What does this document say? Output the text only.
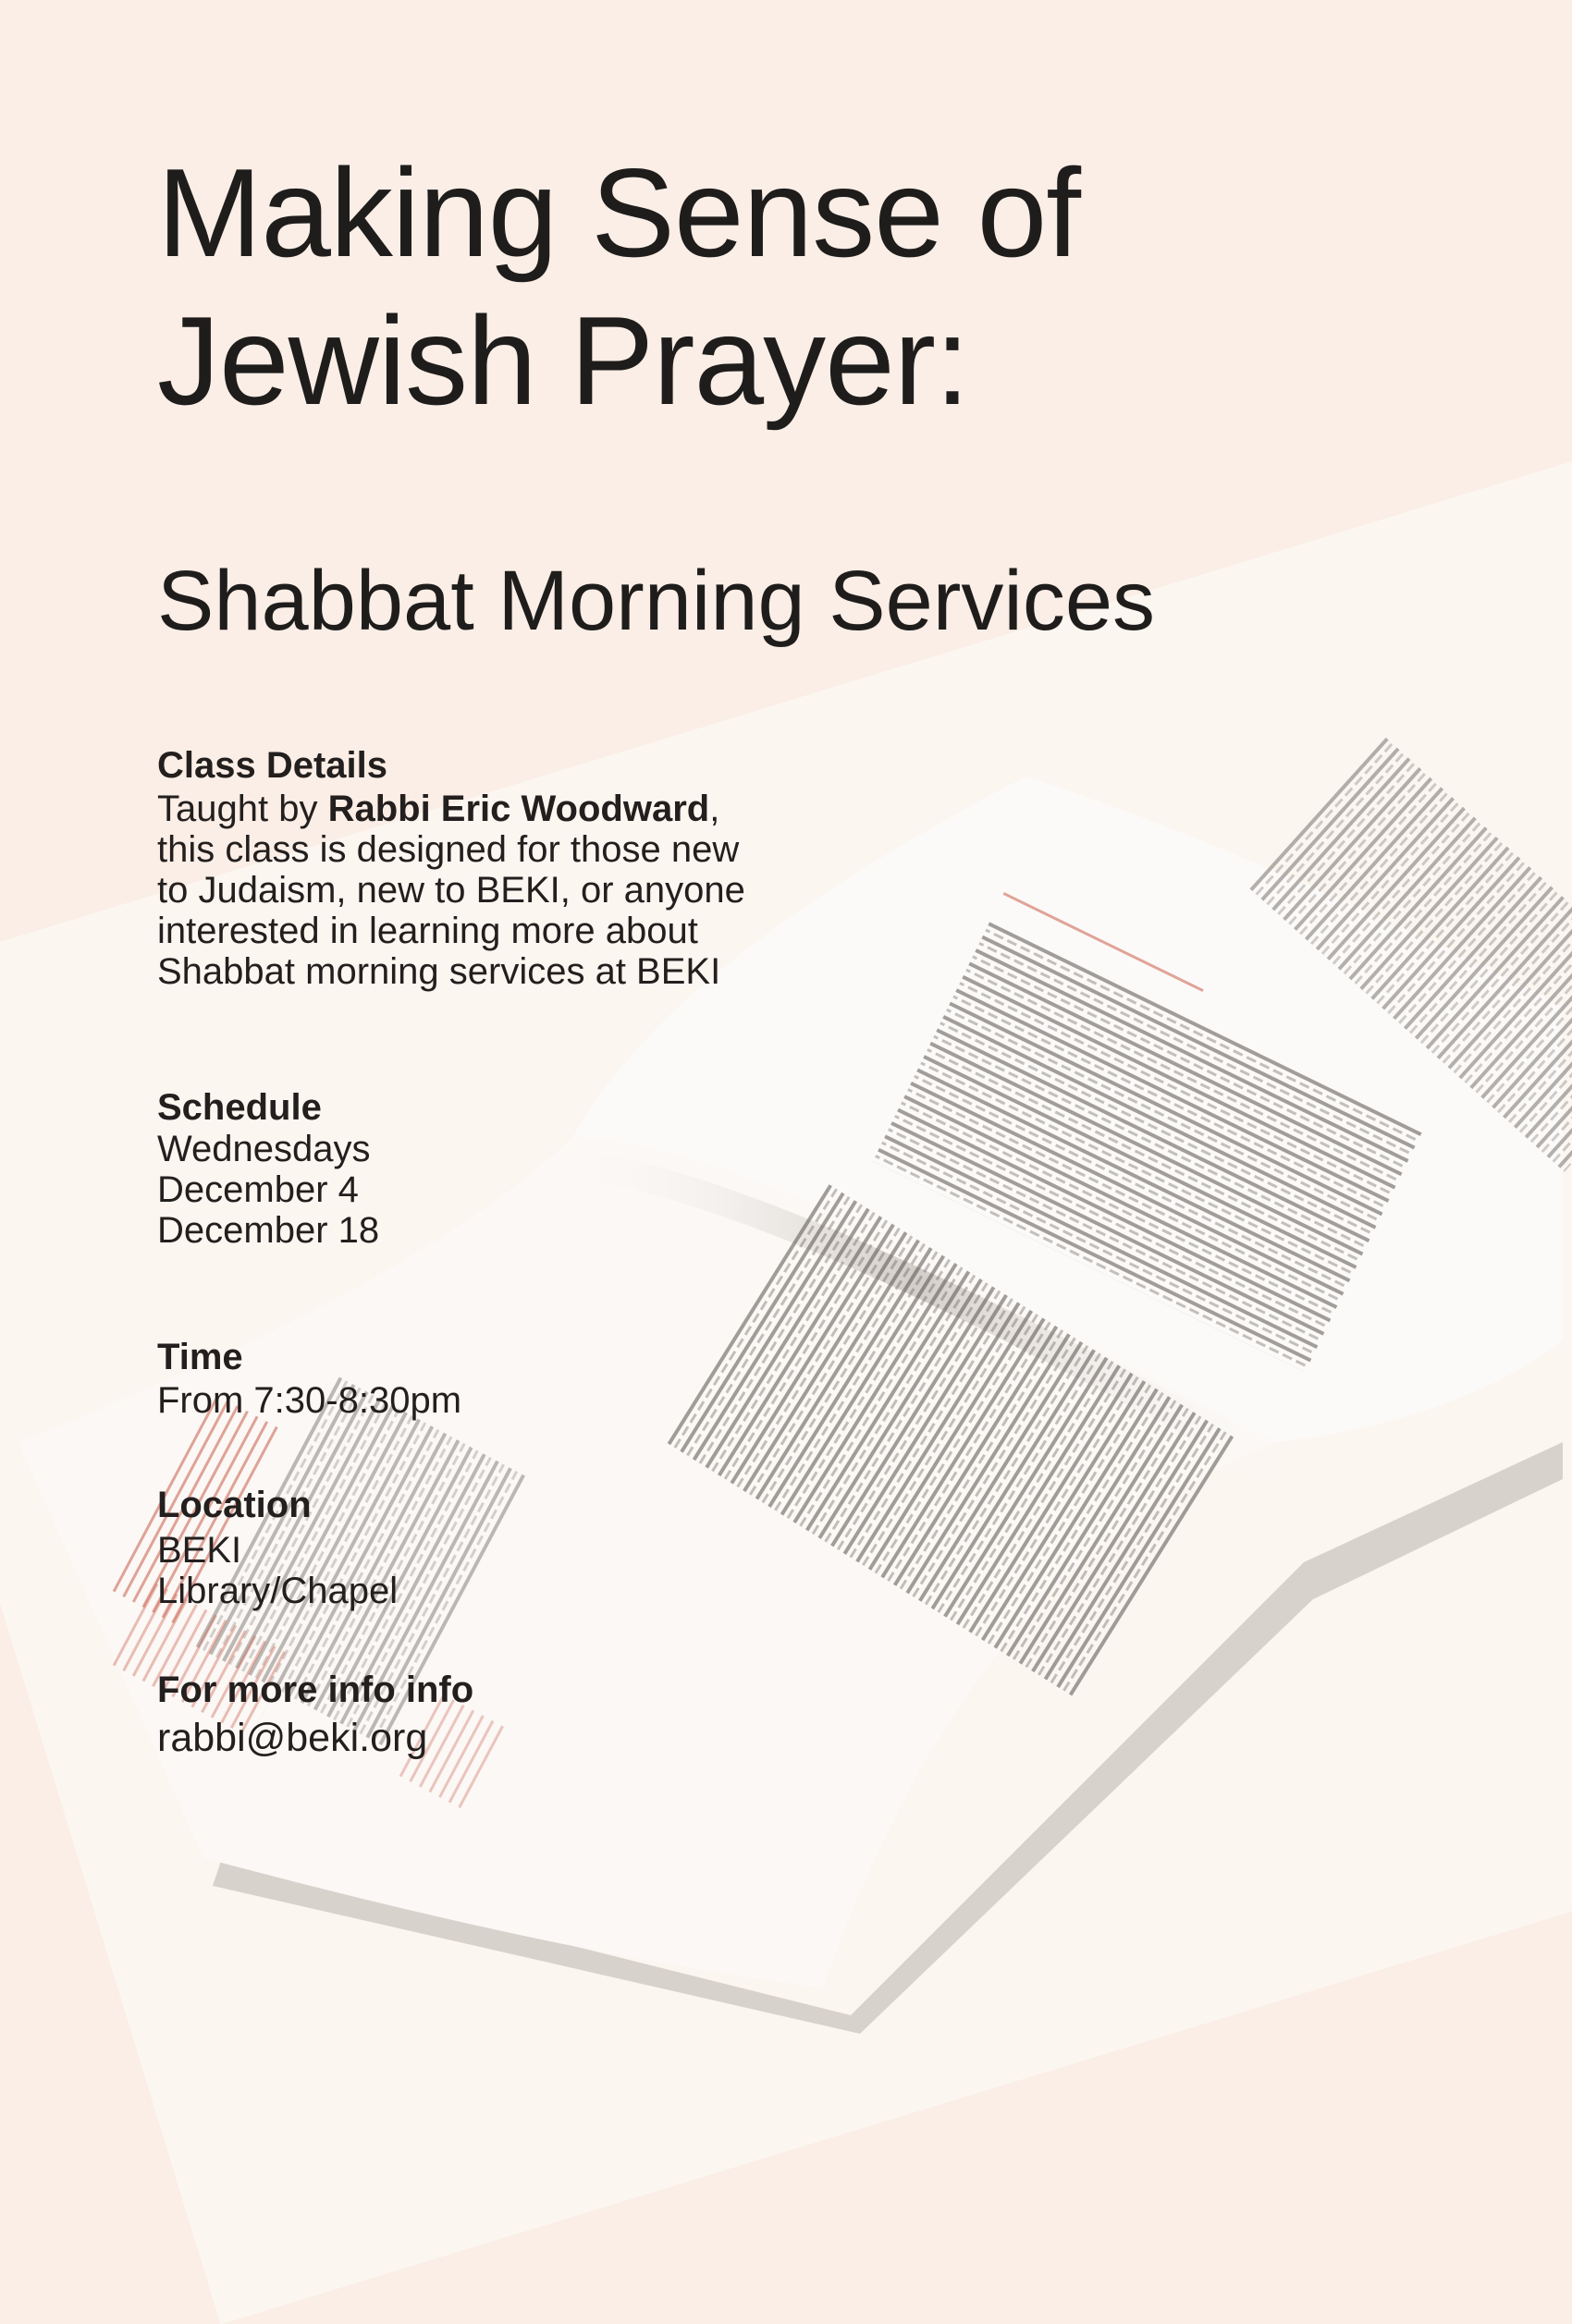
Making Sense of
Jewish Prayer:
Shabbat Morning Services
Class Details
Taught by Rabbi Eric Woodward,
this class is designed for those new
to Judaism, new to BEKI, or anyone
interested in learning more about
Shabbat morning services at BEKI
Schedule
Wednesdays
December 4
December 18
Time
From 7:30-8:30pm
Location
BEKI
Library/Chapel
For more info info
rabbi@beki.org
